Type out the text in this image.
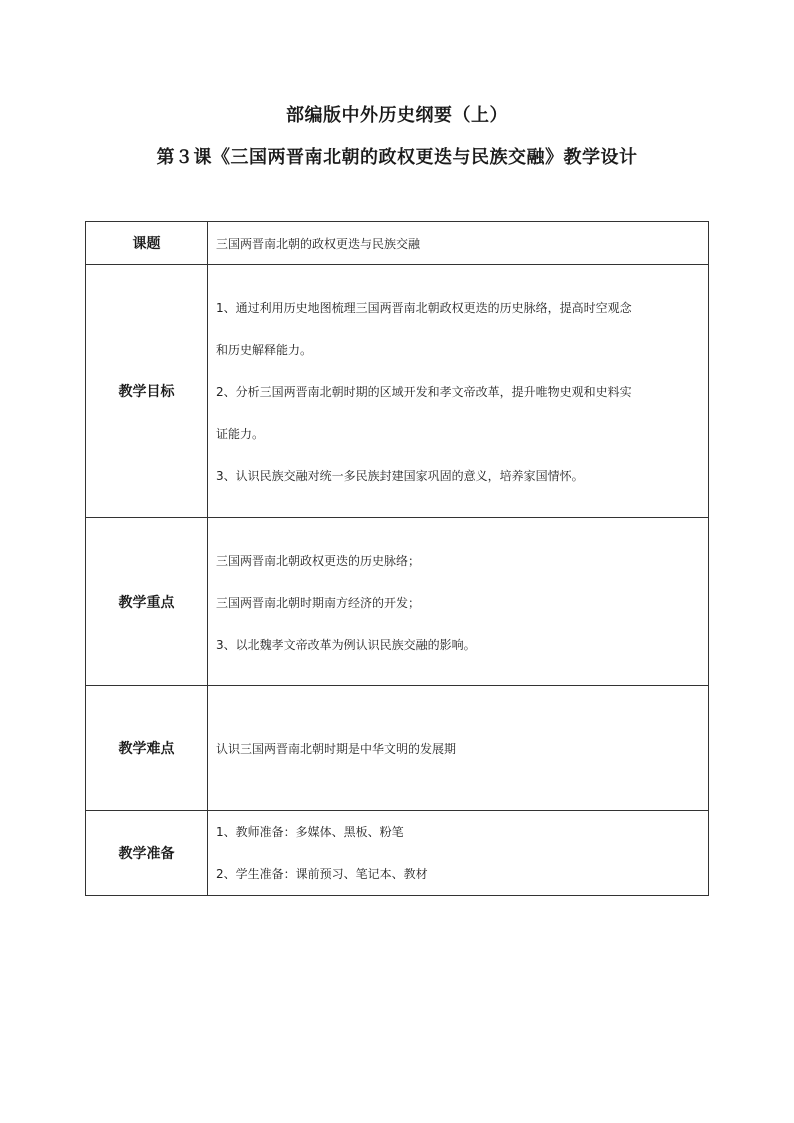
部编版中外历史纲要（上）
第３课《三国两晋南北朝的政权更迭与民族交融》教学设计
课题	三国两晋南北朝的政权更迭与民族交融
教学目标	1、通过利用历史地图梳理三国两晋南北朝政权更迭的历史脉络，提高时空观念
和历史解释能力。
2、分析三国两晋南北朝时期的区域开发和孝文帝改革，提升唯物史观和史料实
证能力。
3、认识民族交融对统一多民族封建国家巩固的意义，培养家国情怀。

教学重点	三国两晋南北朝政权更迭的历史脉络；
三国两晋南北朝时期南方经济的开发；
3、以北魏孝文帝改革为例认识民族交融的影响。

教学难点	认识三国两晋南北朝时期是中华文明的发展期
教学准备	1、教师准备：多媒体、黑板、粉笔
2、学生准备：课前预习、笔记本、教材
